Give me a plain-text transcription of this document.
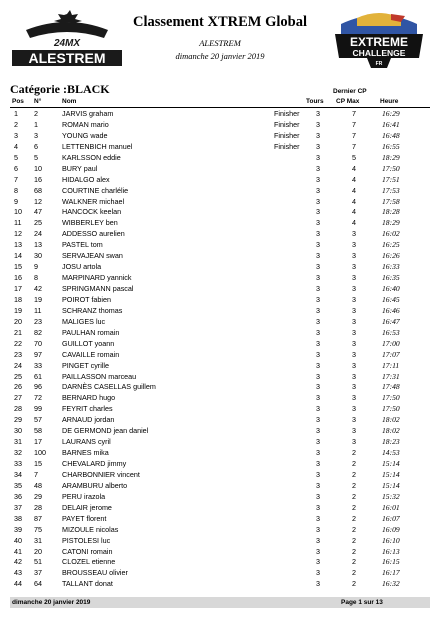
24MX
ALESTREM
EXTREME
CHALLENGE
FR
Classement XTREM Global
ALESTREM
dimanche 20 janvier 2019
Catégorie :BLACK	Dernier CP
Pos N°	Nom	Tours CP Max	Heure
1 2	JARVIS graham	Finisher 3	7	16:29
2 1	ROMAN mario	Finisher 3	7	16:41
3 3	YOUNG wade	Finisher 3	7	16:48
4 6	LETTENBICH manuel	Finisher 3	7	16:55
5 5	KARLSSON eddie	3	5	18:29
6 10	BURY paul	3	4	17:50
7 16	HIDALGO alex	3	4	17:51
8 68	COURTINE charlélie	3	4	17:53
9 12	WALKNER michael	3	4	17:58
10 47	HANCOCK keelan	3	4	18:28
11 25	WIBBERLEY ben	3	4	18:29
12 24	ADDESSO aurelien	3	3	16:02
13 13	PASTEL tom	3	3	16:25
14 30	SERVAJEAN swan	3	3	16:26
15 9	JOSU artola	3	3	16:33
16 8	MARPINARD yannick	3	3	16:35
17 42	SPRINGMANN pascal	3	3	16:40
18 19	POIROT fabien	3	3	16:45
19 11	SCHRANZ thomas	3	3	16:46
20 23	MALIGES luc	3	3	16:47
21 82	PAULHAN romain	3	3	16:53
22 70	GUILLOT yoann	3	3	17:00
23 97	CAVAILLE romain	3	3	17:07
24 33	PINGET cyrille	3	3	17:11
25 61	PAILLASSON marceau	3	3	17:31
26 96	DARNÈS CASELLAS guillem	3	3	17:48
27 72	BERNARD hugo	3	3	17:50
28 99	FEYRIT charles	3	3	17:50
29 57	ARNAUD jordan	3	3	18:02
30 58	DE GERMOND jean daniel	3	3	18:02
31 17	LAURANS cyril	3	3	18:23
32 100 BARNES mika	3	2	14:53
33 15	CHEVALARD jimmy	3	2	15:14
34 7	CHARBONNIER vincent	3	2	15:14
35 48	ARAMBURU alberto	3	2	15:14
36 29	PERU irazola	3	2	15:32
37 28	DELAIR jerome	3	2	16:01
38 87	PAYET florent	3	2	16:07
39 75	MIZOULE nicolas	3	2	16:09
40 31	PISTOLESI luc	3	2	16:10
41 20	CATONI romain	3	2	16:13
42 51	CLOZEL etienne	3	2	16:15
43 37	BROUSSEAU olivier	3	2	16:17
44 64	TALLANT donat	3	2	16:32
dimanche 20 janvier 2019	Page 1 sur 13
